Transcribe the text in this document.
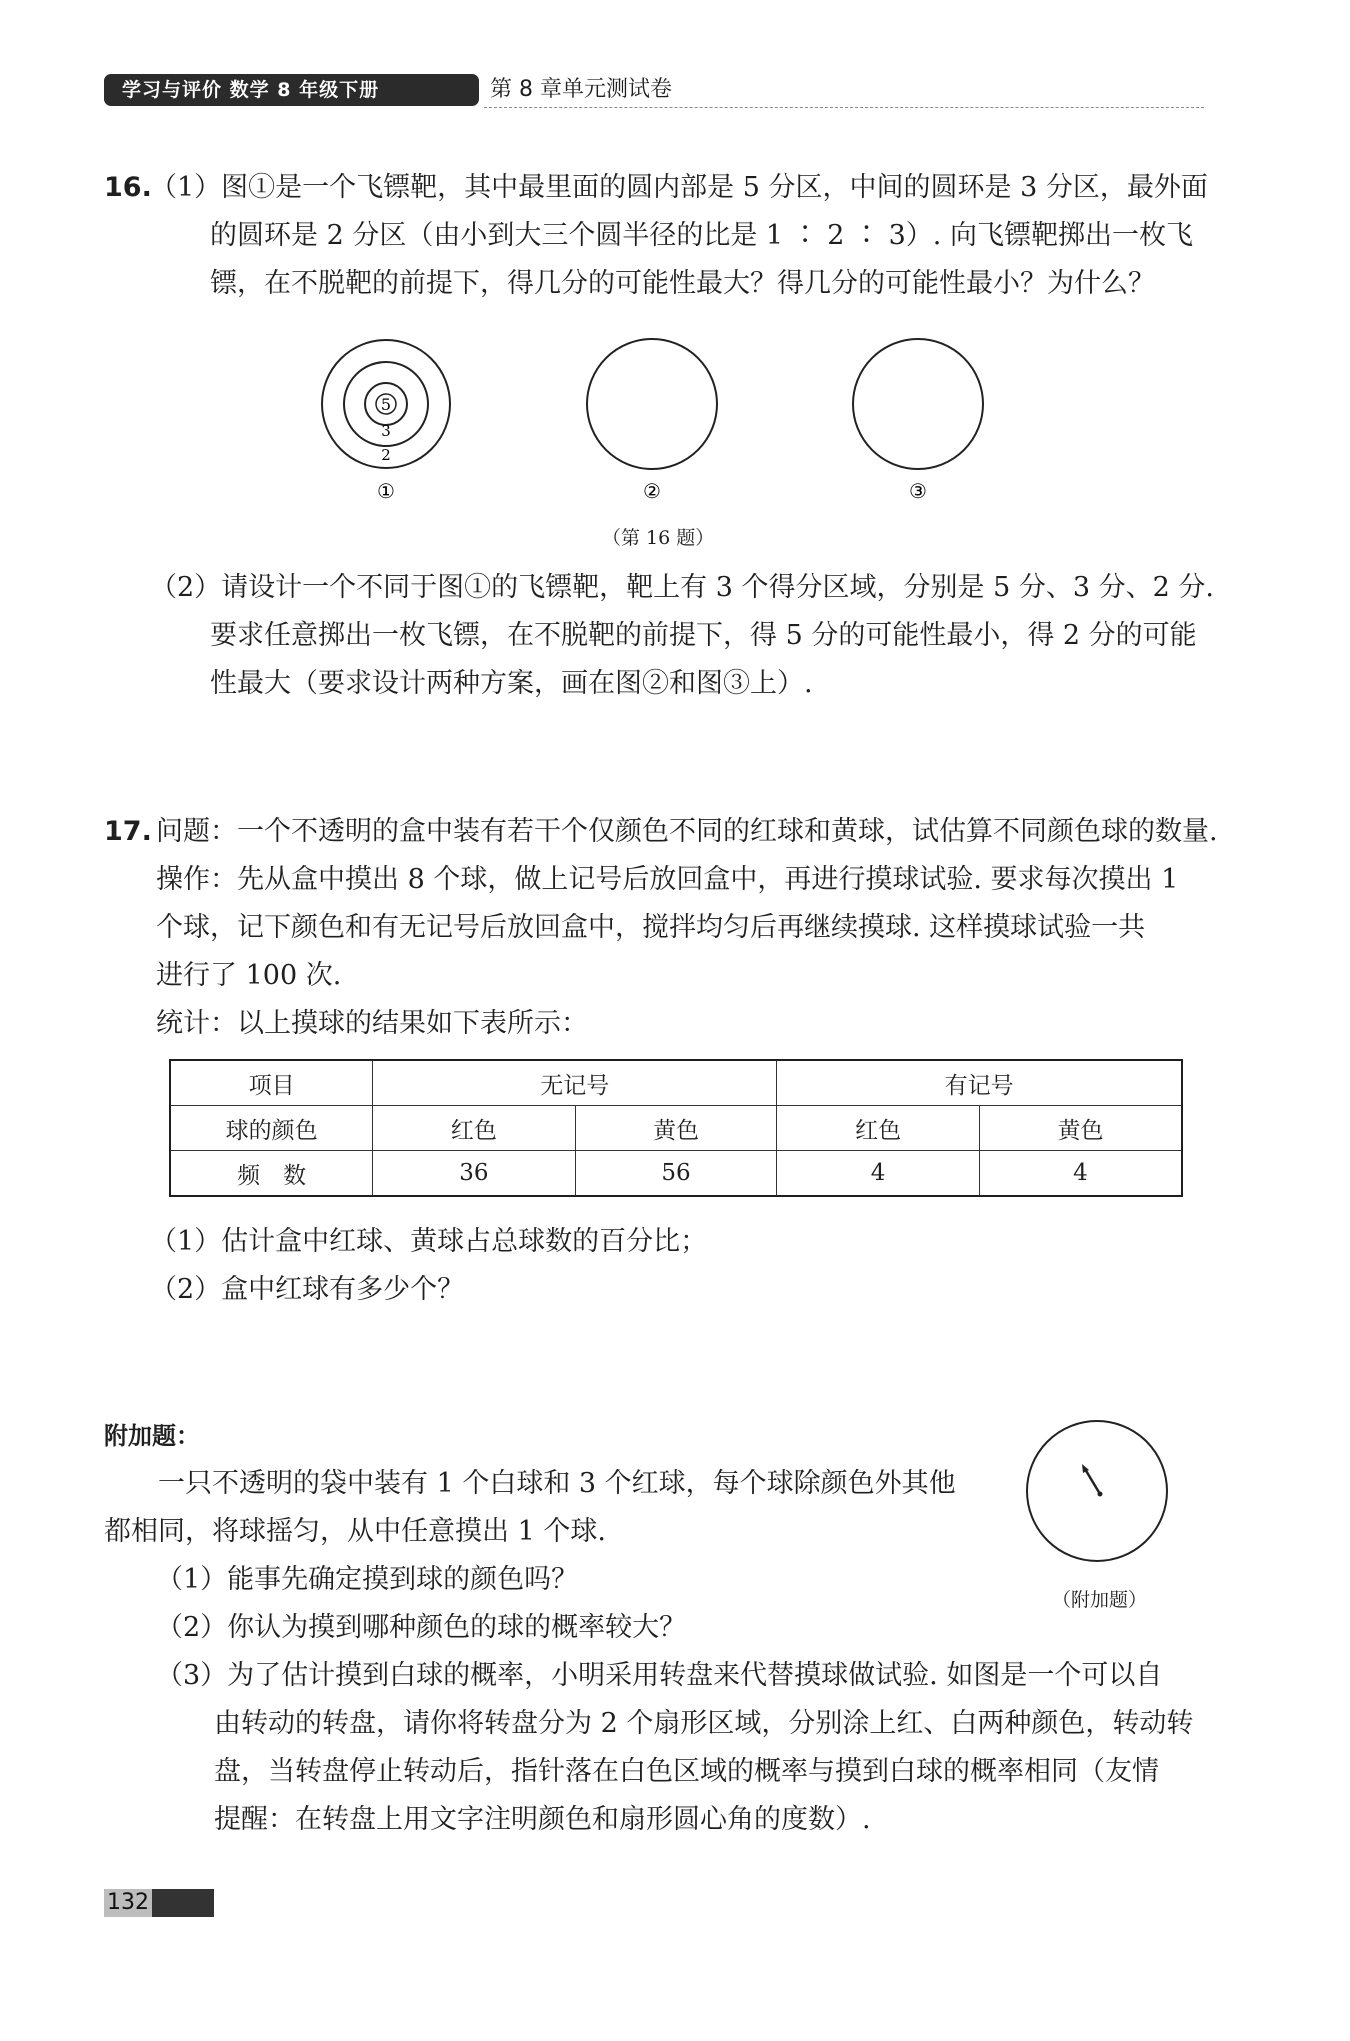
学习与评价 数学 8 年级下册	第 8 章单元测试卷
16.
（1）图①是一个飞镖靶，其中最里面的圆内部是 5 分区，中间的圆环是 3 分区，最外面
的圆环是 2 分区（由小到大三个圆半径的比是 1 ∶ 2 ∶ 3）. 向飞镖靶掷出一枚飞
镖，在不脱靶的前提下，得几分的可能性最大？得几分的可能性最小？为什么？
5
3
2
①	②	③
（第 16 题）
（2）请设计一个不同于图①的飞镖靶，靶上有 3 个得分区域，分别是 5 分、3 分、2 分.
要求任意掷出一枚飞镖，在不脱靶的前提下，得 5 分的可能性最小，得 2 分的可能
性最大（要求设计两种方案，画在图②和图③上）.
17. 问题：一个不透明的盒中装有若干个仅颜色不同的红球和黄球，试估算不同颜色球的数量.
操作：先从盒中摸出 8 个球，做上记号后放回盒中，再进行摸球试验. 要求每次摸出 1
个球，记下颜色和有无记号后放回盒中，搅拌均匀后再继续摸球. 这样摸球试验一共
进行了 100 次.
统计：以上摸球的结果如下表所示：
项目	无记号		有记号	
球的颜色	红色	黄色	红色	黄色
频　数	36	56	4	4
（1）估计盒中红球、黄球占总球数的百分比；
（2）盒中红球有多少个？
附加题：
一只不透明的袋中装有 1 个白球和 3 个红球，每个球除颜色外其他
都相同，将球摇匀，从中任意摸出 1 个球.
（1）能事先确定摸到球的颜色吗？
（2）你认为摸到哪种颜色的球的概率较大？
（3）为了估计摸到白球的概率，小明采用转盘来代替摸球做试验. 如图是一个可以自
由转动的转盘，请你将转盘分为 2 个扇形区域，分别涂上红、白两种颜色，转动转
盘，当转盘停止转动后，指针落在白色区域的概率与摸到白球的概率相同（友情
提醒：在转盘上用文字注明颜色和扇形圆心角的度数）.
（附加题）
132
